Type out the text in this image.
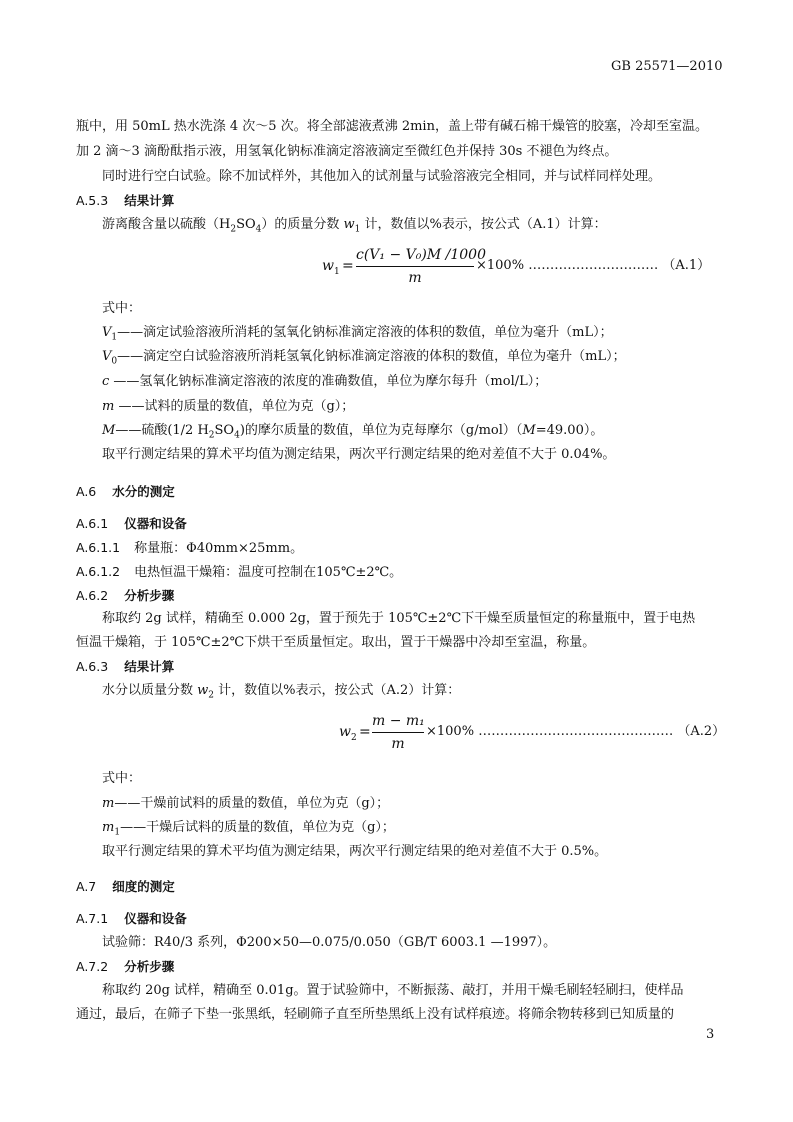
GB 25571—2010
瓶中，用 50mL 热水洗涤 4 次～5 次。将全部滤液煮沸 2min，盖上带有碱石棉干燥管的胶塞，冷却至室温。
加 2 滴～3 滴酚酞指示液，用氢氧化钠标准滴定溶液滴定至微红色并保持 30s 不褪色为终点。
同时进行空白试验。除不加试样外，其他加入的试剂量与试验溶液完全相同，并与试样同样处理。
A.5.3 结果计算
游离酸含量以硫酸$(H_2SO_4)$的质量分数 $w_1$ 计，数值以%表示，按公式（A.1）计算：
$w_1$ =
c(V₁ − V₀)M /1000
m
×100% ………………………… （A.1）
式中：
$V_1——$滴定试验溶液所消耗的氢氧化钠标准滴定溶液的体积的数值，单位为毫升（mL）；
$V_0——$滴定空白试验溶液所消耗氢氧化钠标准滴定溶液的体积的数值，单位为毫升（mL）；
c ——氢氧化钠标准滴定溶液的浓度的准确数值，单位为摩尔每升（mol/L）；
m ——试料的质量的数值，单位为克（g）；
M——硫酸(1/2 $H_2SO_4$)的摩尔质量的数值，单位为克每摩尔（g/mol）（M=49.00）。
取平行测定结果的算术平均值为测定结果，两次平行测定结果的绝对差值不大于 0.04%。
A.6 水分的测定
A.6.1 仪器和设备
A.6.1.1 称量瓶：Φ40mm×25mm。
A.6.1.2 电热恒温干燥箱：温度可控制在105℃±2℃。
A.6.2 分析步骤
称取约 2g 试样，精确至 0.000 2g，置于预先于 105℃±2℃下干燥至质量恒定的称量瓶中，置于电热
恒温干燥箱，于 105℃±2℃下烘干至质量恒定。取出，置于干燥器中冷却至室温，称量。
A.6.3 结果计算
水分以质量分数 $w_2$ 计，数值以%表示，按公式（A.2）计算：
$w_2$ =
m − m₁
m
×100% ……………………………………… （A.2）
式中：
m——干燥前试料的质量的数值，单位为克（g）；
$m_1——$干燥后试料的质量的数值，单位为克（g）；
取平行测定结果的算术平均值为测定结果，两次平行测定结果的绝对差值不大于 0.5%。
A.7 细度的测定
A.7.1 仪器和设备
试验筛：R40/3 系列，Φ200×50—0.075/0.050（GB/T 6003.1 —1997）。
A.7.2 分析步骤
称取约 20g 试样，精确至 0.01g。置于试验筛中，不断振荡、敲打，并用干燥毛刷轻轻刷扫，使样品
通过，最后，在筛子下垫一张黑纸，轻刷筛子直至所垫黑纸上没有试样痕迹。将筛余物转移到已知质量的
3
